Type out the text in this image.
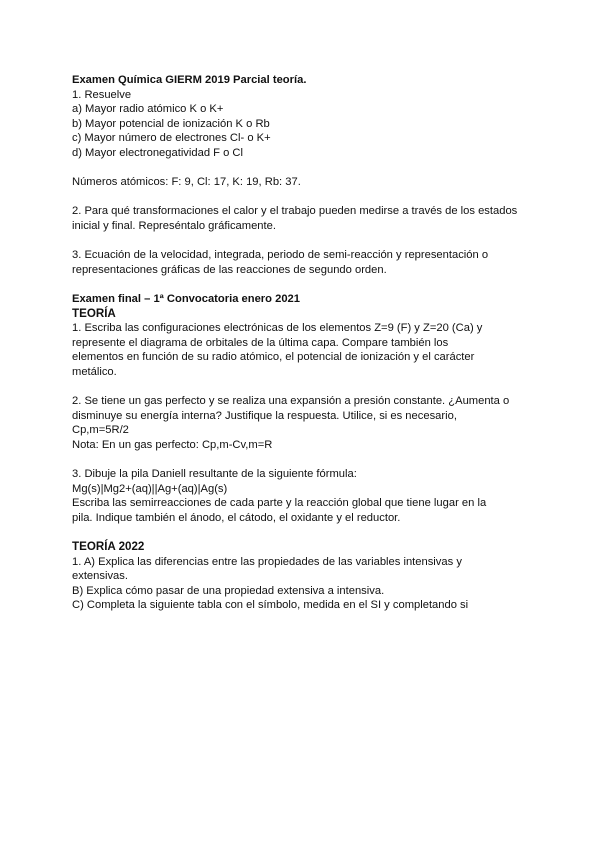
Examen Química GIERM 2019 Parcial teoría.
1. Resuelve
a) Mayor radio atómico K o K+
b) Mayor potencial de ionización K o Rb
c) Mayor número de electrones Cl- o K+
d) Mayor electronegatividad F o Cl
Números atómicos: F: 9, Cl: 17, K: 19, Rb: 37.
2. Para qué transformaciones el calor y el trabajo pueden medirse a través de los estados
inicial y final. Represéntalo gráficamente.
3. Ecuación de la velocidad, integrada, periodo de semi-reacción y representación o
representaciones gráficas de las reacciones de segundo orden.
Examen final – 1ª Convocatoria enero 2021
TEORÍA
1. Escriba las configuraciones electrónicas de los elementos Z=9 (F) y Z=20 (Ca) y
represente el diagrama de orbitales de la última capa. Compare también los
elementos en función de su radio atómico, el potencial de ionización y el carácter
metálico.
2. Se tiene un gas perfecto y se realiza una expansión a presión constante. ¿Aumenta o
disminuye su energía interna? Justifique la respuesta. Utilice, si es necesario,
Cp,m=5R/2
Nota: En un gas perfecto: Cp,m-Cv,m=R
3. Dibuje la pila Daniell resultante de la siguiente fórmula:
Mg(s)|Mg2+(aq)||Ag+(aq)|Ag(s)
Escriba las semirreacciones de cada parte y la reacción global que tiene lugar en la
pila. Indique también el ánodo, el cátodo, el oxidante y el reductor.
TEORÍA 2022
1. A) Explica las diferencias entre las propiedades de las variables intensivas y
extensivas.
B) Explica cómo pasar de una propiedad extensiva a intensiva.
C) Completa la siguiente tabla con el símbolo, medida en el SI y completando si
